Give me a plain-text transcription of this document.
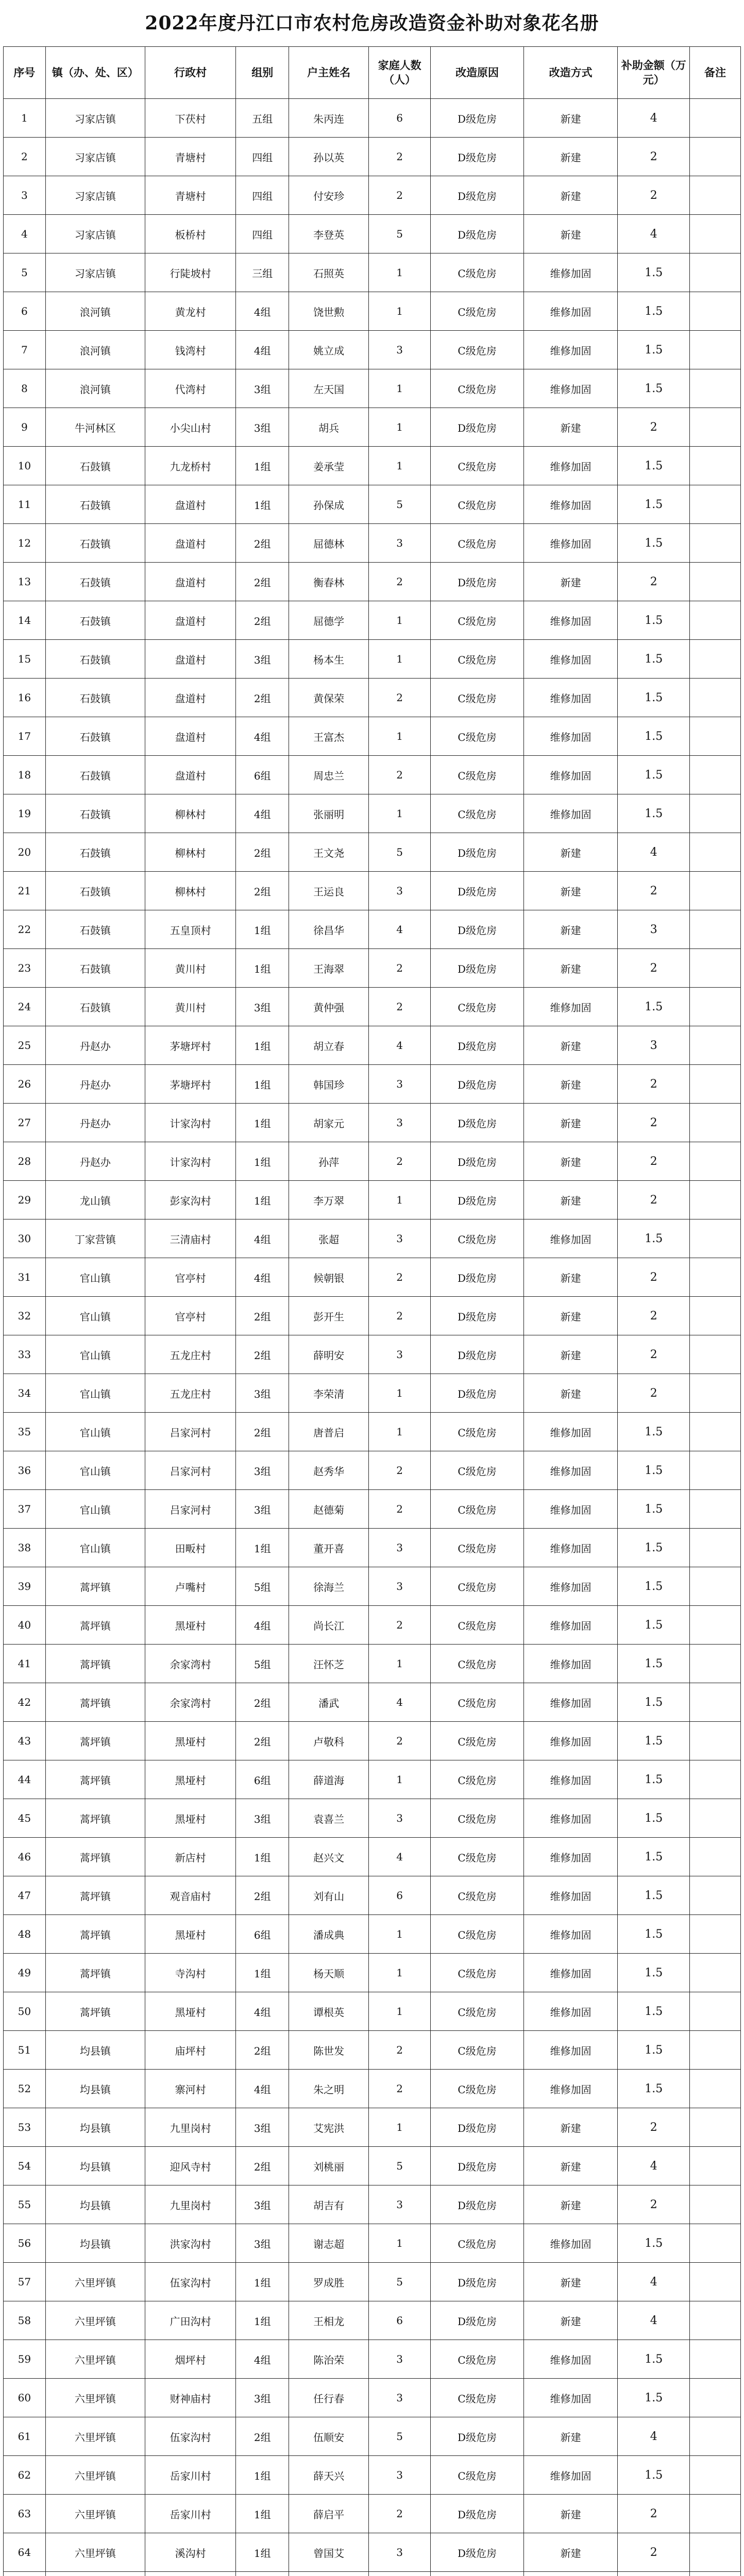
2022年度丹江口市农村危房改造资金补助对象花名册
序号	镇（办、处、区）	行政村	组别	户主姓名	家庭人数（人）	改造原因	改造方式	补助金额（万元）	备注
1	习家店镇	下茯村	五组	朱丙连	6	D级危房	新建	4	
2	习家店镇	青塘村	四组	孙以英	2	D级危房	新建	2	
3	习家店镇	青塘村	四组	付安珍	2	D级危房	新建	2	
4	习家店镇	板桥村	四组	李登英	5	D级危房	新建	4	
5	习家店镇	行陡坡村	三组	石照英	1	C级危房	维修加固	1.5	
6	浪河镇	黄龙村	4组	饶世勲	1	C级危房	维修加固	1.5	
7	浪河镇	钱湾村	4组	姚立成	3	C级危房	维修加固	1.5	
8	浪河镇	代湾村	3组	左天国	1	C级危房	维修加固	1.5	
9	牛河林区	小尖山村	3组	胡兵	1	D级危房	新建	2	
10	石鼓镇	九龙桥村	1组	姜承莹	1	C级危房	维修加固	1.5	
11	石鼓镇	盘道村	1组	孙保成	5	C级危房	维修加固	1.5	
12	石鼓镇	盘道村	2组	屈德林	3	C级危房	维修加固	1.5	
13	石鼓镇	盘道村	2组	衡春林	2	D级危房	新建	2	
14	石鼓镇	盘道村	2组	屈德学	1	C级危房	维修加固	1.5	
15	石鼓镇	盘道村	3组	杨本生	1	C级危房	维修加固	1.5	
16	石鼓镇	盘道村	2组	黄保荣	2	C级危房	维修加固	1.5	
17	石鼓镇	盘道村	4组	王富杰	1	C级危房	维修加固	1.5	
18	石鼓镇	盘道村	6组	周忠兰	2	C级危房	维修加固	1.5	
19	石鼓镇	柳林村	4组	张丽明	1	C级危房	维修加固	1.5	
20	石鼓镇	柳林村	2组	王文尧	5	D级危房	新建	4	
21	石鼓镇	柳林村	2组	王运良	3	D级危房	新建	2	
22	石鼓镇	五皇顶村	1组	徐昌华	4	D级危房	新建	3	
23	石鼓镇	黄川村	1组	王海翠	2	D级危房	新建	2	
24	石鼓镇	黄川村	3组	黄仲强	2	C级危房	维修加固	1.5	
25	丹赵办	茅塘坪村	1组	胡立春	4	D级危房	新建	3	
26	丹赵办	茅塘坪村	1组	韩国珍	3	D级危房	新建	2	
27	丹赵办	计家沟村	1组	胡家元	3	D级危房	新建	2	
28	丹赵办	计家沟村	1组	孙萍	2	D级危房	新建	2	
29	龙山镇	彭家沟村	1组	李万翠	1	D级危房	新建	2	
30	丁家营镇	三清庙村	4组	张超	3	C级危房	维修加固	1.5	
31	官山镇	官亭村	4组	候朝银	2	D级危房	新建	2	
32	官山镇	官亭村	2组	彭开生	2	D级危房	新建	2	
33	官山镇	五龙庄村	2组	薛明安	3	D级危房	新建	2	
34	官山镇	五龙庄村	3组	李荣清	1	D级危房	新建	2	
35	官山镇	吕家河村	2组	唐普启	1	C级危房	维修加固	1.5	
36	官山镇	吕家河村	3组	赵秀华	2	C级危房	维修加固	1.5	
37	官山镇	吕家河村	3组	赵德菊	2	C级危房	维修加固	1.5	
38	官山镇	田畈村	1组	董开喜	3	C级危房	维修加固	1.5	
39	蒿坪镇	卢嘴村	5组	徐海兰	3	C级危房	维修加固	1.5	
40	蒿坪镇	黑垭村	4组	尚长江	2	C级危房	维修加固	1.5	
41	蒿坪镇	余家湾村	5组	汪怀芝	1	C级危房	维修加固	1.5	
42	蒿坪镇	余家湾村	2组	潘武	4	C级危房	维修加固	1.5	
43	蒿坪镇	黑垭村	2组	卢敬科	2	C级危房	维修加固	1.5	
44	蒿坪镇	黑垭村	6组	薛道海	1	C级危房	维修加固	1.5	
45	蒿坪镇	黑垭村	3组	袁喜兰	3	C级危房	维修加固	1.5	
46	蒿坪镇	新店村	1组	赵兴文	4	C级危房	维修加固	1.5	
47	蒿坪镇	观音庙村	2组	刘有山	6	C级危房	维修加固	1.5	
48	蒿坪镇	黑垭村	6组	潘成典	1	C级危房	维修加固	1.5	
49	蒿坪镇	寺沟村	1组	杨天顺	1	C级危房	维修加固	1.5	
50	蒿坪镇	黑垭村	4组	谭根英	1	C级危房	维修加固	1.5	
51	均县镇	庙坪村	2组	陈世发	2	C级危房	维修加固	1.5	
52	均县镇	寨河村	4组	朱之明	2	C级危房	维修加固	1.5	
53	均县镇	九里岗村	3组	艾宪洪	1	D级危房	新建	2	
54	均县镇	迎风寺村	2组	刘桃丽	5	D级危房	新建	4	
55	均县镇	九里岗村	3组	胡吉有	3	D级危房	新建	2	
56	均县镇	洪家沟村	3组	谢志超	1	C级危房	维修加固	1.5	
57	六里坪镇	伍家沟村	1组	罗成胜	5	D级危房	新建	4	
58	六里坪镇	广田沟村	1组	王相龙	6	D级危房	新建	4	
59	六里坪镇	烟坪村	4组	陈治荣	3	C级危房	维修加固	1.5	
60	六里坪镇	财神庙村	3组	任行春	3	C级危房	维修加固	1.5	
61	六里坪镇	伍家沟村	2组	伍顺安	5	D级危房	新建	4	
62	六里坪镇	岳家川村	1组	薛天兴	3	C级危房	维修加固	1.5	
63	六里坪镇	岳家川村	1组	薛启平	2	D级危房	新建	2	
64	六里坪镇	溪沟村	1组	曾国艾	3	D级危房	新建	2	
